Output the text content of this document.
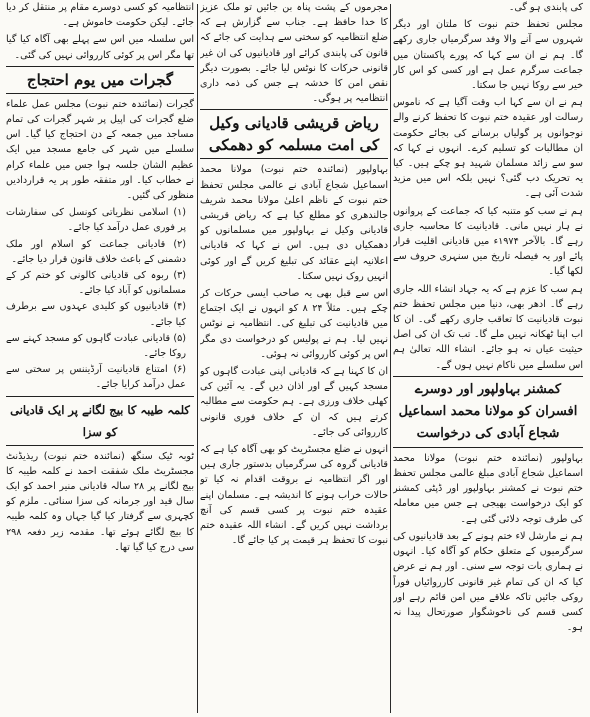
کی پابندی ہو گی۔

مجلس تحفظ ختم نبوت کا ملتان اور دیگر شہروں سے آنے والا وفد سرگرمیاں جاری رکھے گا۔ ہم نے ان سے کہا کہ پورے پاکستان میں جماعت سرگرم عمل ہے اور کسی کو اس کار خیر سے روکا نہیں جا سکتا۔

ہم نے ان سے کہا اب وقت آگیا ہے کہ ناموس رسالت اور عقیدہ ختم نبوت کا تحفظ کرنے والے نوجوانوں پر گولیاں برسانے کی بجائے حکومت ان مطالبات کو تسلیم کرے۔ انہوں نے کہا کہ سو سے زائد مسلمان شہید ہو چکے ہیں۔ کیا یہ تحریک دب گئی؟ نہیں بلکہ اس میں مزید شدت آئی ہے۔

ہم نے سب کو متنبہ کیا کہ جماعت کے پروانوں نے ہار نہیں مانی۔ قادیانیت کا محاسبہ جاری رہے گا۔ بالآخر ۱۹۷۴ء میں قادیانی اقلیت قرار پائے اور یہ فیصلہ تاریخ میں سنہری حروف سے لکھا گیا۔

ہم سب کا عزم ہے کہ یہ جہاد انشاء اللہ جاری رہے گا۔ ادھر بھی، دنیا میں مجلس تحفظ ختم نبوت قادیانیت کا تعاقب جاری رکھے گی۔ ان کا اب اپنا ٹھکانہ نہیں ملے گا۔ تب تک ان کی اصل حیثیت عیاں نہ ہو جائے۔ انشاء اللہ تعالیٰ ہم اس سلسلے میں ناکام نہیں ہوں گے۔

کمشنر بہاولپور اور دوسرے افسران کو مولانا محمد اسماعیل شجاع آبادی کی درخواست

بہاولپور (نمائندہ ختم نبوت) مولانا محمد اسماعیل شجاع آبادی مبلغ عالمی مجلس تحفظ ختم نبوت نے کمشنر بہاولپور اور ڈپٹی کمشنر کو ایک درخواست بھیجی ہے جس میں معاملہ کی طرف توجہ دلائی گئی ہے۔

ہم نے مارشل لاء ختم ہونے کے بعد قادیانیوں کی سرگرمیوں کے متعلق حکام کو آگاہ کیا۔ انہوں نے ہماری بات توجہ سے سنی۔ اور ہم نے عرض کیا کہ ان کی تمام غیر قانونی کارروائیاں فوراً روکی جائیں تاکہ علاقے میں امن قائم رہے اور کسی قسم کی ناخوشگوار صورتحال پیدا نہ ہو۔

مجرموں کے پشت پناہ بن جائیں تو ملک عزیز کا خدا حافظ ہے۔ جناب سے گزارش ہے کہ ضلع انتظامیہ کو سختی سے ہدایت کی جائے کہ قانون کی پابندی کرائے اور قادیانیوں کی ان غیر قانونی حرکات کا نوٹس لیا جائے۔ بصورت دیگر نقص امن کا خدشہ ہے جس کی ذمہ داری انتظامیہ پر ہوگی۔

ریاض قریشی قادیانی وکیل کی امت مسلمہ کو دھمکی

بہاولپور (نمائندہ ختم نبوت) مولانا محمد اسماعیل شجاع آبادی نے عالمی مجلس تحفظ ختم نبوت کے ناظم اعلیٰ مولانا محمد شریف جالندھری کو مطلع کیا ہے کہ ریاض قریشی قادیانی وکیل نے بہاولپور میں مسلمانوں کو دھمکیاں دی ہیں۔ اس نے کہا کہ قادیانی اعلانیہ اپنے عقائد کی تبلیغ کریں گے اور کوئی انہیں روک نہیں سکتا۔

اس سے قبل بھی یہ صاحب ایسی حرکات کر چکے ہیں۔ مثلاً ۲۴ ۸ کو انہوں نے ایک اجتماع میں قادیانیت کی تبلیغ کی۔ انتظامیہ نے نوٹس نہیں لیا۔ ہم نے پولیس کو درخواست دی مگر اس پر کوئی کارروائی نہ ہوئی۔

ان کا کہنا ہے کہ قادیانی اپنی عبادت گاہوں کو مسجد کہیں گے اور اذان دیں گے۔ یہ آئین کی کھلی خلاف ورزی ہے۔ ہم حکومت سے مطالبہ کرتے ہیں کہ ان کے خلاف فوری قانونی کارروائی کی جائے۔

انہوں نے ضلع مجسٹریٹ کو بھی آگاہ کیا ہے کہ قادیانی گروہ کی سرگرمیاں بدستور جاری ہیں اور اگر انتظامیہ نے بروقت اقدام نہ کیا تو حالات خراب ہونے کا اندیشہ ہے۔ مسلمان اپنے عقیدہ ختم نبوت پر کسی قسم کی آنچ برداشت نہیں کریں گے۔ انشاء اللہ عقیدہ ختم نبوت کا تحفظ ہر قیمت پر کیا جائے گا۔

انتظامیہ کو کسی دوسرے مقام پر منتقل کر دیا جائے۔ لیکن حکومت خاموش ہے۔

اس سلسلہ میں اس سے پہلے بھی آگاہ کیا گیا تھا مگر اس پر کوئی کارروائی نہیں کی گئی۔

گجرات میں یوم احتجاج

گجرات (نمائندہ ختم نبوت) مجلس عمل علماء ضلع گجرات کی اپیل پر شہر گجرات کی تمام مساجد میں جمعہ کے دن احتجاج کیا گیا۔ اس سلسلے میں شہر کی جامع مسجد میں ایک عظیم الشان جلسہ ہوا جس میں علماء کرام نے خطاب کیا۔ اور متفقہ طور پر یہ قراردادیں منظور کی گئیں۔

(۱) اسلامی نظریاتی کونسل کی سفارشات پر فوری عمل درآمد کیا جائے۔
(۲) قادیانی جماعت کو اسلام اور ملک دشمنی کے باعث خلاف قانون قرار دیا جائے۔
(۳) ربوہ کی قادیانی کالونی کو ختم کر کے مسلمانوں کو آباد کیا جائے۔
(۴) قادیانیوں کو کلیدی عہدوں سے برطرف کیا جائے۔
(۵) قادیانی عبادت گاہوں کو مسجد کہنے سے روکا جائے۔
(۶) امتناع قادیانیت آرڈیننس پر سختی سے عمل درآمد کرایا جائے۔
کلمہ طیبہ کا بیج لگانے پر ایک قادیانی کو سزا

ٹوبہ ٹیک سنگھ (نمائندہ ختم نبوت) ریذیڈنٹ مجسٹریٹ ملک شفقت احمد نے کلمہ طیبہ کا بیج لگانے پر ۲۸ سالہ قادیانی منیر احمد کو ایک سال قید اور جرمانہ کی سزا سنائی۔ ملزم کو کچہری سے گرفتار کیا گیا جہاں وہ کلمہ طیبہ کا بیج لگائے ہوئے تھا۔ مقدمہ زیر دفعہ ۲۹۸ سی درج کیا گیا تھا۔
